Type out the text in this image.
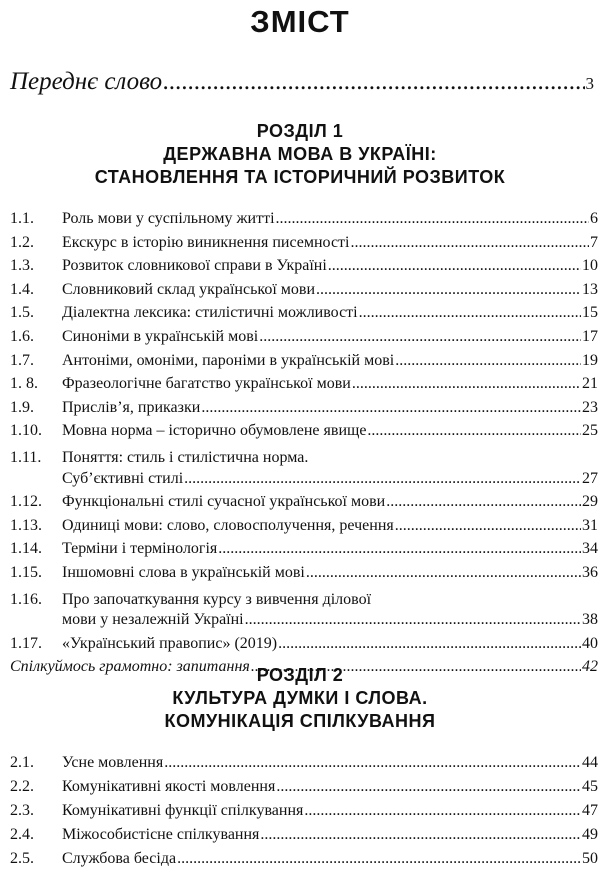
ЗМІСТ
Переднє слово .....	3
РОЗДІЛ 1
ДЕРЖАВНА МОВА В УКРАЇНІ:
СТАНОВЛЕННЯ ТА ІСТОРИЧНИЙ РОЗВИТОК
1.1.	Роль мови у суспільному житті .....	6
1.2.	Екскурс в історію виникнення писемності .....	7
1.3.	Розвиток словникової справи в Україні .....	10
1.4.	Словниковий склад української мови .....	13
1.5.	Діалектна лексика: стилістичні можливості .....	15
1.6.	Синоніми в українській мові .....	17
1.7.	Антоніми, омоніми, пароніми в українській мові .....	19
1. 8.	Фразеологічне багатство української мови .....	21
1.9.	Прислів’я, приказки .....	23
1.10.	Мовна норма – історично обумовлене явище .....	25
1.11. Поняття: стиль і стилістична норма.
Суб’єктивні стилі .....	27
1.12.	Функціональні стилі сучасної української мови .....	29
1.13.	Одиниці мови: слово, словосполучення, речення .....	31
1.14.	Терміни і термінологія .....	34
1.15.	Іншомовні слова в українській мові .....	36
1.16. Про започаткування курсу з вивчення ділової
мови у незалежній Україні .....	38
1.17.	«Український правопис» (2019) .....	40
Спілкуймось грамотно: запитання .....	42
РОЗДІЛ 2
КУЛЬТУРА ДУМКИ І СЛОВА.
КОМУНІКАЦІЯ СПІЛКУВАННЯ
2.1.	Усне мовлення .....	44
2.2.	Комунікативні якості мовлення .....	45
2.3.	Комунікативні функції спілкування .....	47
2.4.	Міжособистісне спілкування .....	49
2.5.	Службова бесіда .....	50
